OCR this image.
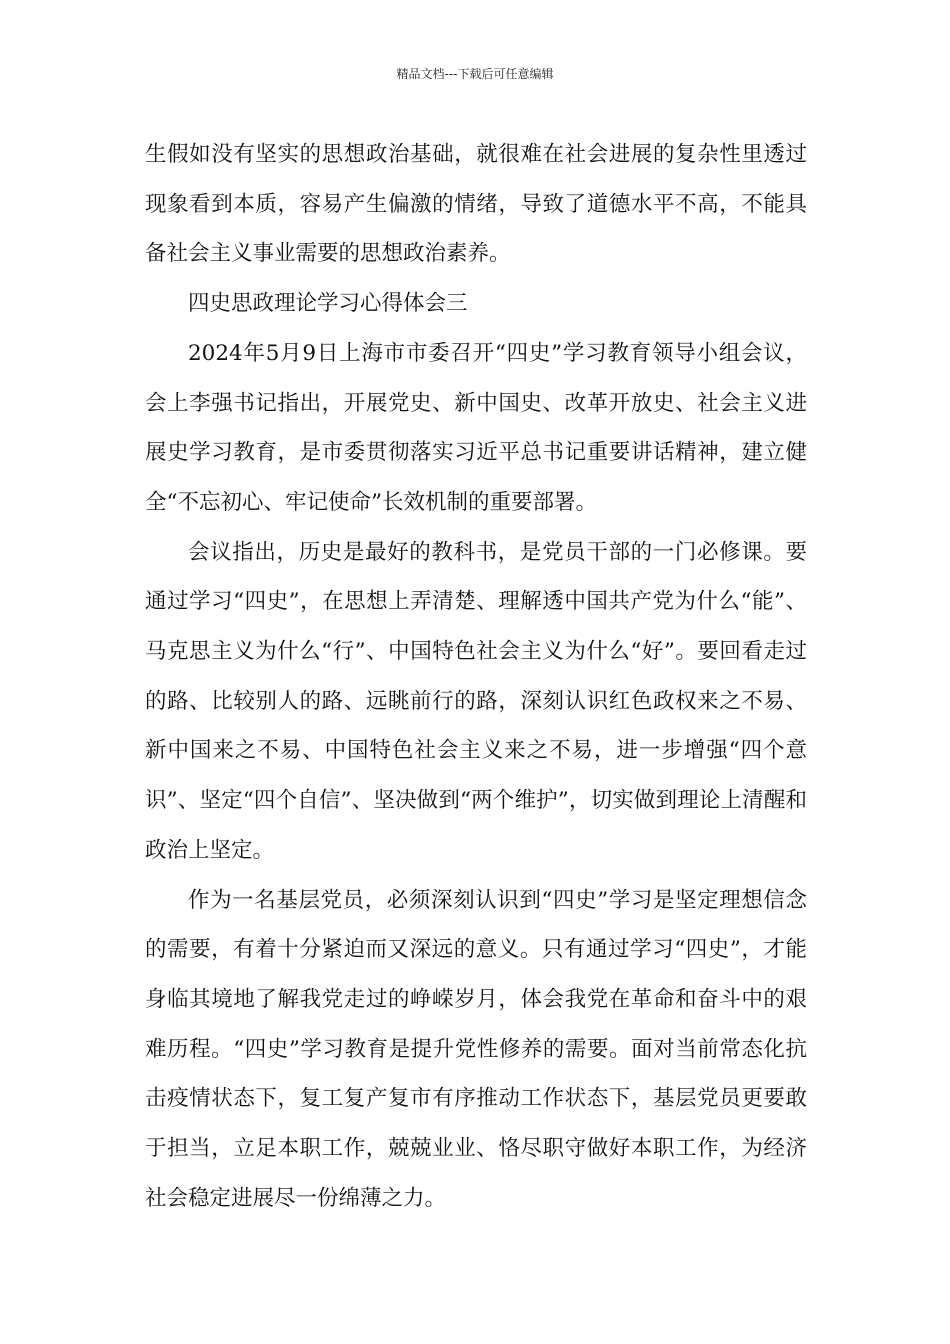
精品文档---下载后可任意编辑

生假如没有坚实的思想政治基础，就很难在社会进展的复杂性里透过现象看到本质，容易产生偏激的情绪，导致了道德水平不高，不能具备社会主义事业需要的思想政治素养。

四史思政理论学习心得体会三

2024年5月9日上海市市委召开“四史”学习教育领导小组会议，会上李强书记指出，开展党史、新中国史、改革开放史、社会主义进展史学习教育，是市委贯彻落实习近平总书记重要讲话精神，建立健全“不忘初心、牢记使命”长效机制的重要部署。

会议指出，历史是最好的教科书，是党员干部的一门必修课。要通过学习“四史”，在思想上弄清楚、理解透中国共产党为什么“能”、马克思主义为什么“行”、中国特色社会主义为什么“好”。要回看走过的路、比较别人的路、远眺前行的路，深刻认识红色政权来之不易、新中国来之不易、中国特色社会主义来之不易，进一步增强“四个意识”、坚定“四个自信”、坚决做到“两个维护”，切实做到理论上清醒和政治上坚定。

作为一名基层党员，必须深刻认识到“四史”学习是坚定理想信念的需要，有着十分紧迫而又深远的意义。只有通过学习“四史”，才能身临其境地了解我党走过的峥嵘岁月，体会我党在革命和奋斗中的艰难历程。“四史”学习教育是提升党性修养的需要。面对当前常态化抗击疫情状态下，复工复产复市有序推动工作状态下，基层党员更要敢于担当，立足本职工作，兢兢业业、恪尽职守做好本职工作，为经济社会稳定进展尽一份绵薄之力。
